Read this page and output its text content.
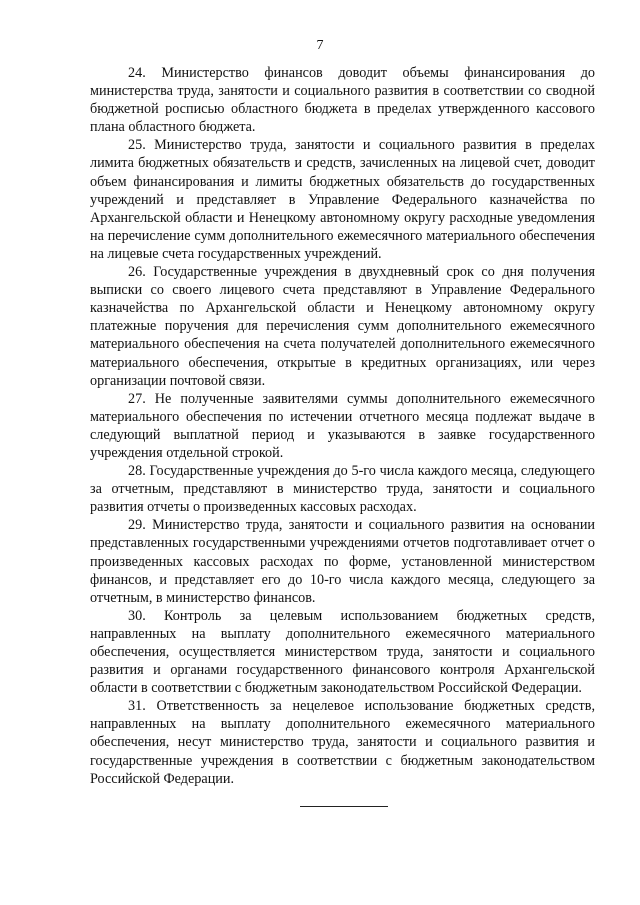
7

24. Министерство финансов доводит объемы финансирования до министерства труда, занятости и социального развития в соответствии со сводной бюджетной росписью областного бюджета в пределах утвержденного кассового плана областного бюджета.

25. Министерство труда, занятости и социального развития в пределах лимита бюджетных обязательств и средств, зачисленных на лицевой счет, доводит объем финансирования и лимиты бюджетных обязательств до государственных учреждений и представляет в Управление Федерального казначейства по Архангельской области и Ненецкому автономному округу расходные уведомления на перечисление сумм дополнительного ежемесячного материального обеспечения на лицевые счета государственных учреждений.

26. Государственные учреждения в двухдневный срок со дня получения выписки со своего лицевого счета представляют в Управление Федерального казначейства по Архангельской области и Ненецкому автономному округу платежные поручения для перечисления сумм дополнительного ежемесячного материального обеспечения на счета получателей дополнительного ежемесячного материального обеспечения, открытые в кредитных организациях, или через организации почтовой связи.

27. Не полученные заявителями суммы дополнительного ежемесячного материального обеспечения по истечении отчетного месяца подлежат выдаче в следующий выплатной период и указываются в заявке государственного учреждения отдельной строкой.

28. Государственные учреждения до 5-го числа каждого месяца, следующего за отчетным, представляют в министерство труда, занятости и социального развития отчеты о произведенных кассовых расходах.

29. Министерство труда, занятости и социального развития на основании представленных государственными учреждениями отчетов подготавливает отчет о произведенных кассовых расходах по форме, установленной министерством финансов, и представляет его до 10-го числа каждого месяца, следующего за отчетным, в министерство финансов.

30. Контроль за целевым использованием бюджетных средств, направленных на выплату дополнительного ежемесячного материального обеспечения, осуществляется министерством труда, занятости и социального развития и органами государственного финансового контроля Архангельской области в соответствии с бюджетным законодательством Российской Федерации.

31. Ответственность за нецелевое использование бюджетных средств, направленных на выплату дополнительного ежемесячного материального обеспечения, несут министерство труда, занятости и социального развития и государственные учреждения в соответствии с бюджетным законодательством Российской Федерации.
